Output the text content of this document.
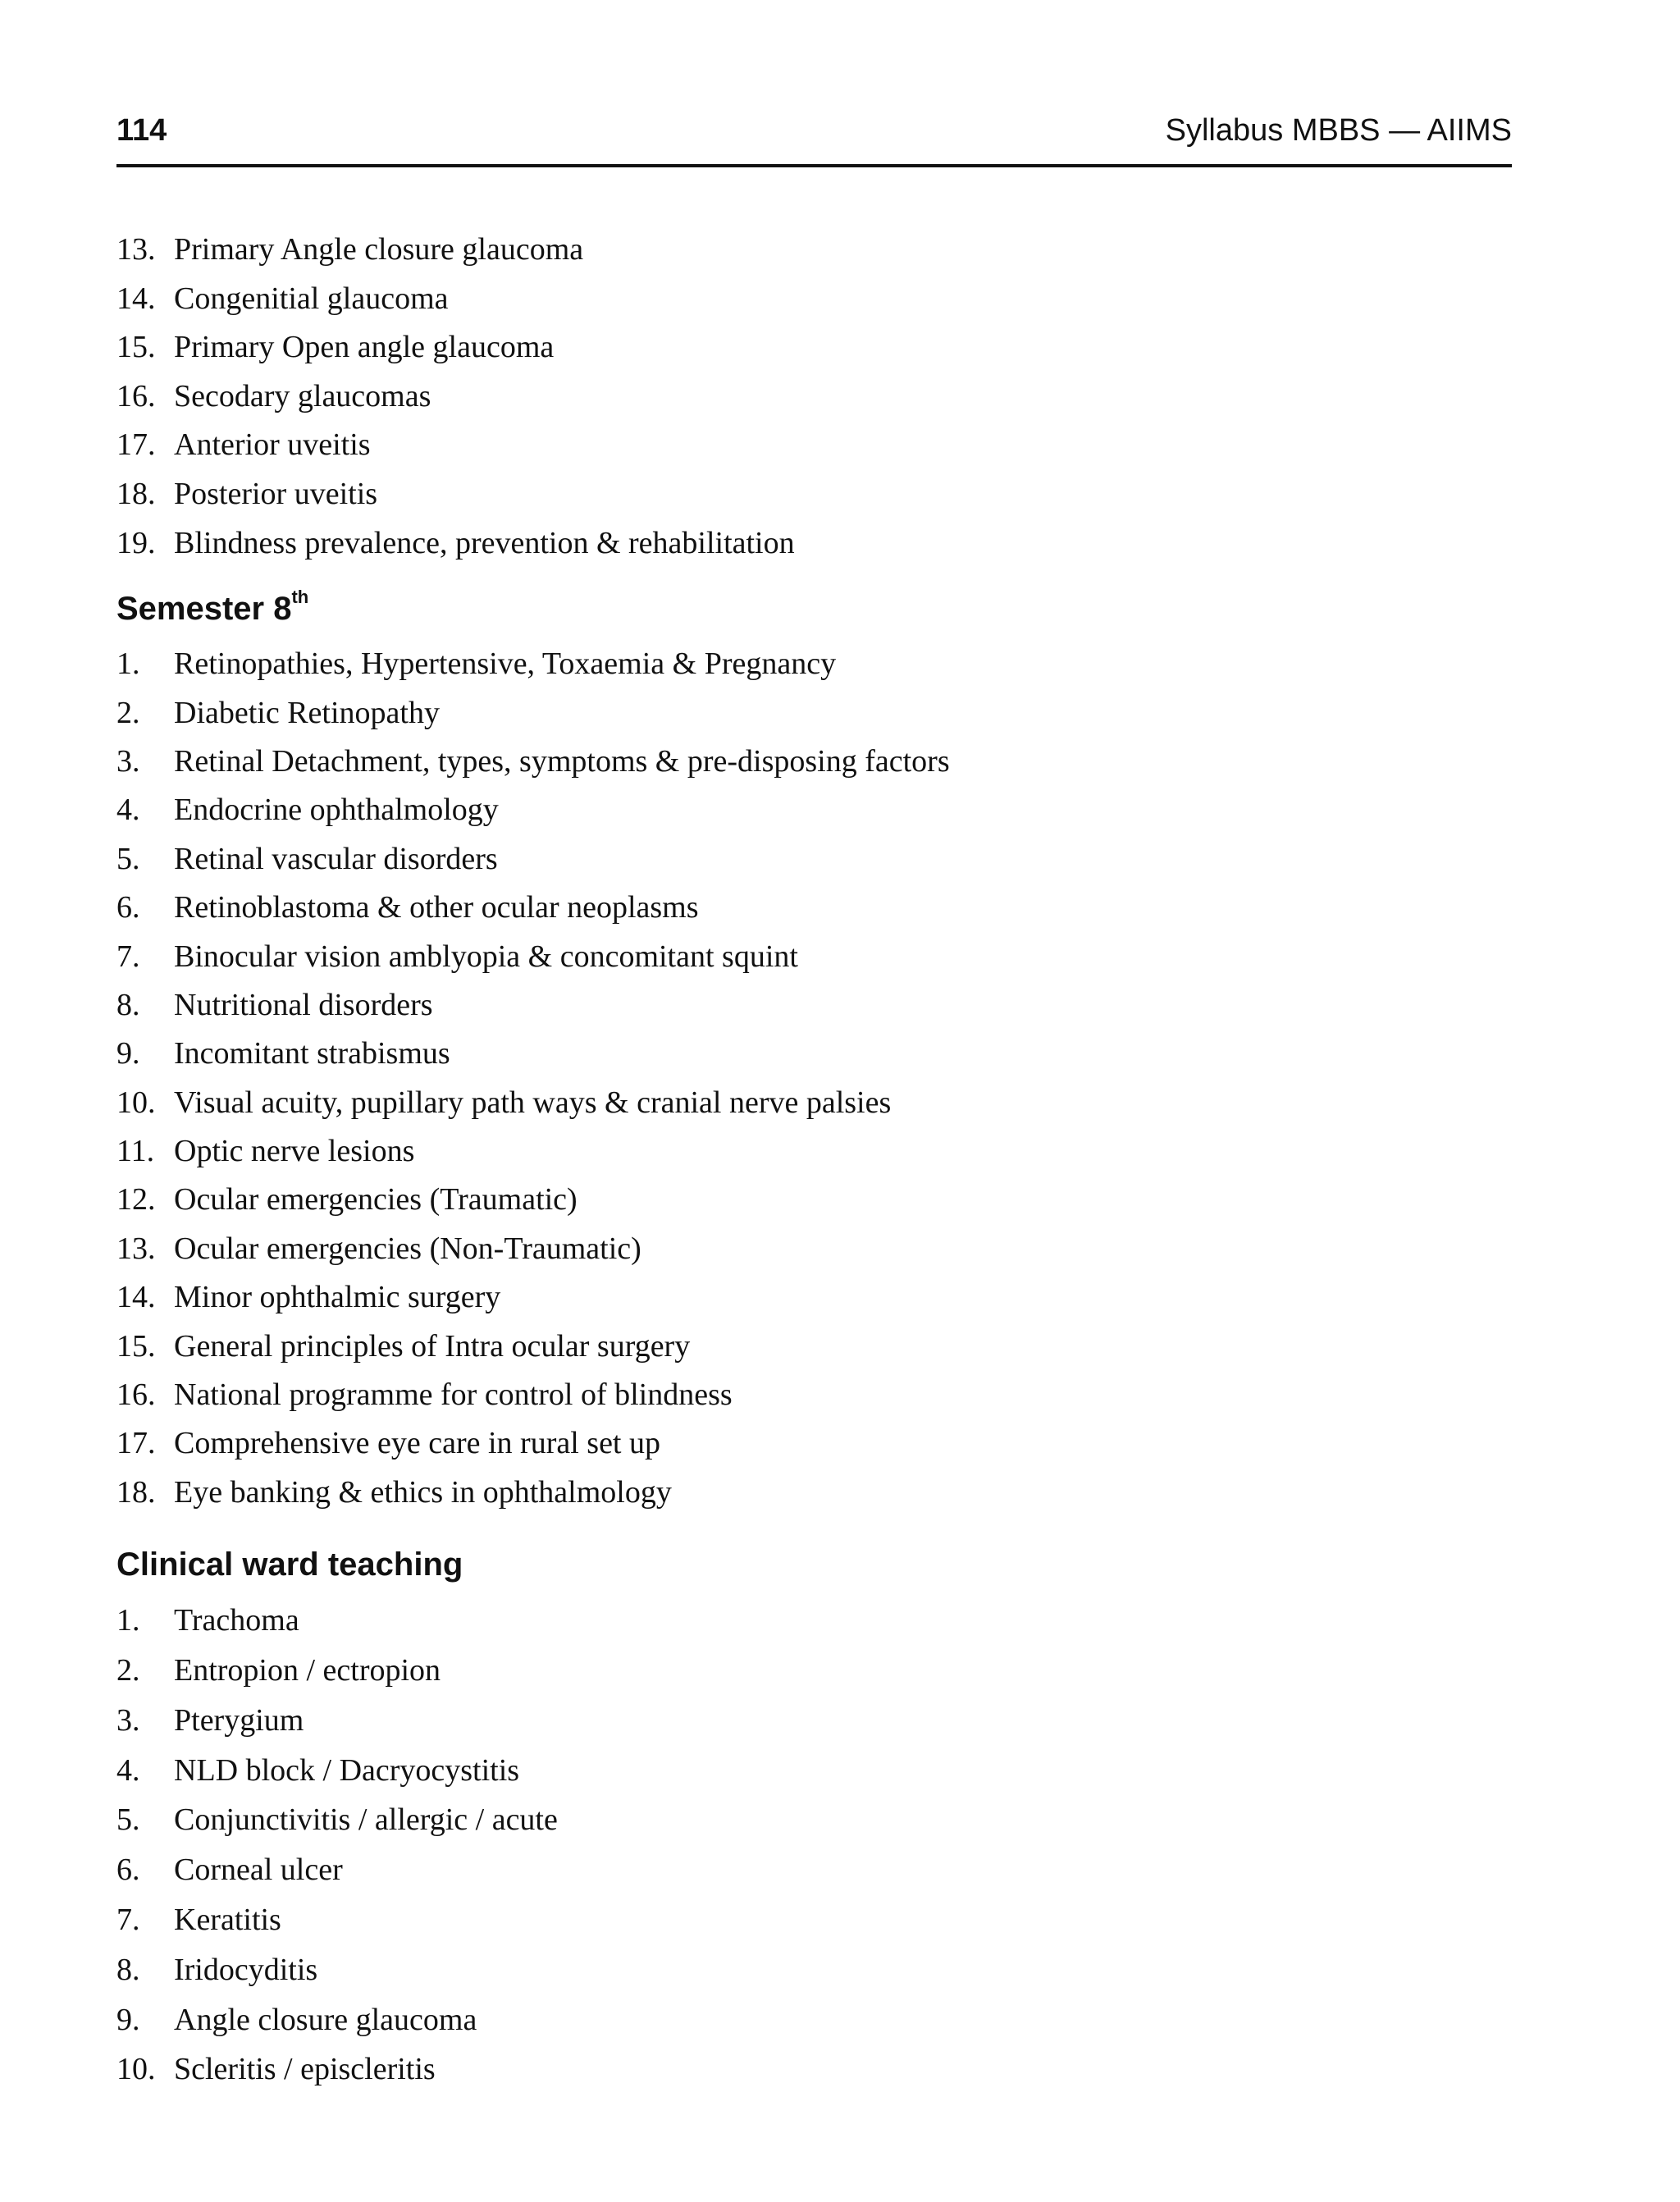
114	Syllabus MBBS — AIIMS
13. Primary Angle closure glaucoma
14. Congenitial glaucoma
15. Primary Open angle glaucoma
16. Secodary glaucomas
17. Anterior uveitis
18. Posterior uveitis
19. Blindness prevalence, prevention & rehabilitation
Semester 8th
1. Retinopathies, Hypertensive, Toxaemia & Pregnancy
2. Diabetic Retinopathy
3. Retinal Detachment, types, symptoms & pre-disposing factors
4. Endocrine ophthalmology
5. Retinal vascular disorders
6. Retinoblastoma & other ocular neoplasms
7. Binocular vision amblyopia & concomitant squint
8. Nutritional disorders
9. Incomitant strabismus
10. Visual acuity, pupillary path ways & cranial nerve palsies
11. Optic nerve lesions
12. Ocular emergencies (Traumatic)
13. Ocular emergencies (Non-Traumatic)
14. Minor ophthalmic surgery
15. General principles of Intra ocular surgery
16. National programme for control of blindness
17. Comprehensive eye care in rural set up
18. Eye banking & ethics in ophthalmology
Clinical ward teaching
1. Trachoma
2. Entropion / ectropion
3. Pterygium
4. NLD block / Dacryocystitis
5. Conjunctivitis / allergic / acute
6. Corneal ulcer
7. Keratitis
8. Iridocyditis
9. Angle closure glaucoma
10. Scleritis / episcleritis
